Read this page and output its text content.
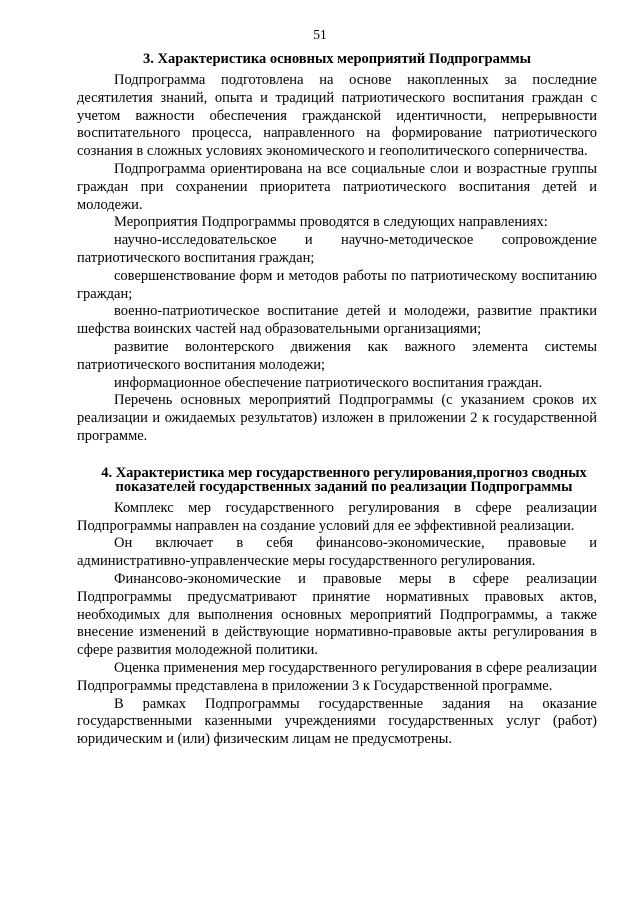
51
3. Характеристика основных мероприятий Подпрограммы

Подпрограмма подготовлена на основе накопленных за последние десятилетия знаний, опыта и традиций патриотического воспитания граждан с учетом важности обеспечения гражданской идентичности, непрерывности воспитательного процесса, направленного на формирование патриотического сознания в сложных условиях экономического и геополитического соперничества.

Подпрограмма ориентирована на все социальные слои и возрастные группы граждан при сохранении приоритета патриотического воспитания детей и молодежи.

Мероприятия Подпрограммы проводятся в следующих направлениях:

научно-исследовательское и научно-методическое сопровождение патриотического воспитания граждан;

совершенствование форм и методов работы по патриотическому воспитанию граждан;

военно-патриотическое воспитание детей и молодежи, развитие практики шефства воинских частей над образовательными организациями;

развитие волонтерского движения как важного элемента системы патриотического воспитания молодежи;

информационное обеспечение патриотического воспитания граждан.

Перечень основных мероприятий Подпрограммы (с указанием сроков их реализации и ожидаемых результатов) изложен в приложении 2 к государственной программе.

4. Характеристика мер государственного регулирования,прогноз сводных показателей государственных заданий по реализации Подпрограммы

Комплекс мер государственного регулирования в сфере реализации Подпрограммы направлен на создание условий для ее эффективной реализации.

Он включает в себя финансово-экономические, правовые и административно-управленческие меры государственного регулирования.

Финансово-экономические и правовые меры в сфере реализации Подпрограммы предусматривают принятие нормативных правовых актов, необходимых для выполнения основных мероприятий Подпрограммы, а также внесение изменений в действующие нормативно-правовые акты регулирования в сфере развития молодежной политики.

Оценка применения мер государственного регулирования в сфере реализации Подпрограммы представлена в приложении 3 к Государственной программе.

В рамках Подпрограммы государственные задания на оказание государственными казенными учреждениями государственных услуг (работ) юридическим и (или) физическим лицам не предусмотрены.
